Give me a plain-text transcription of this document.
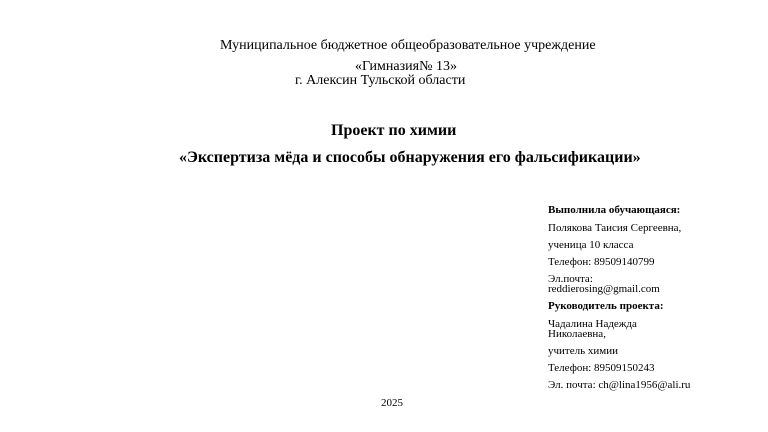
Муниципальное бюджетное общеобразовательное учреждение
«Гимназия№ 13»
г. Алексин Тульской области
Проект по химии
«Экспертиза мёда и способы обнаружения его фальсификации»
Выполнила обучающаяся:
Полякова Таисия Сергеевна,
ученица 10 класса
Телефон: 89509140799
Эл.почта:
reddierosing@gmail.com
Руководитель проекта:
Чадалина Надежда
Николаевна,
учитель химии
Телефон: 89509150243
Эл. почта: ch@lina1956@ali.ru
2025
